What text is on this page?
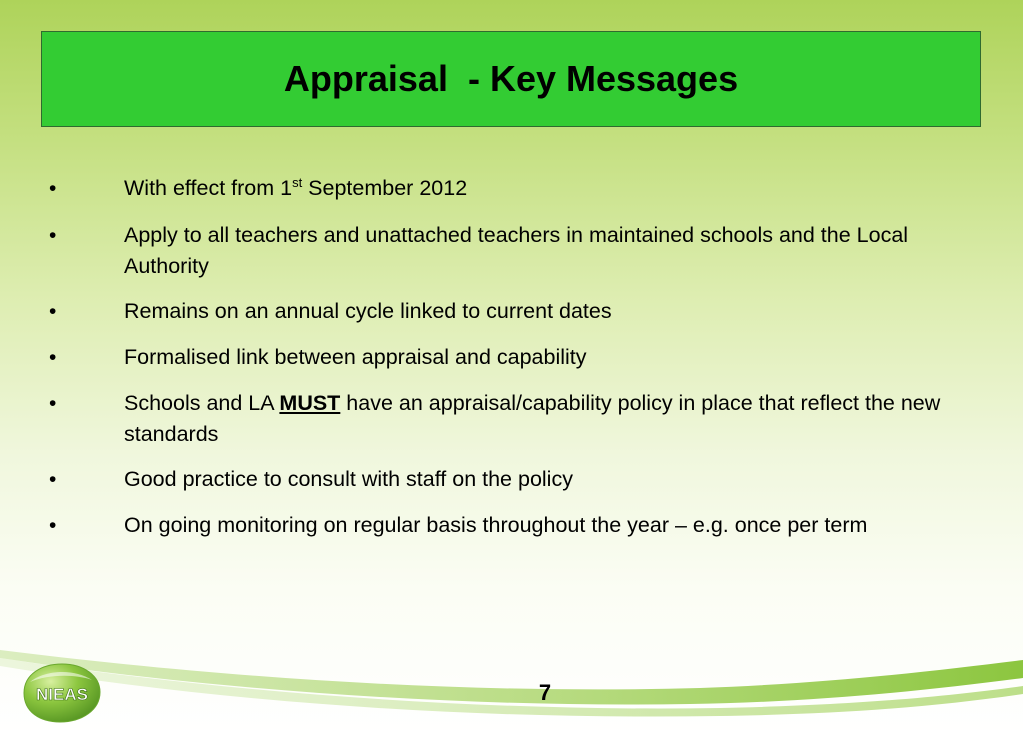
Appraisal  - Key Messages
•	With effect from 1st September 2012
•	Apply to all teachers and unattached teachers in maintained schools and the Local Authority
•	Remains on an annual cycle linked to current dates
•	Formalised link between appraisal and capability
•	Schools and LA MUST have an appraisal/capability policy in place that reflect the new standards
•	Good practice to consult with staff on the policy
•	On going monitoring on regular basis throughout the year – e.g. once per term
NIEAS	7
